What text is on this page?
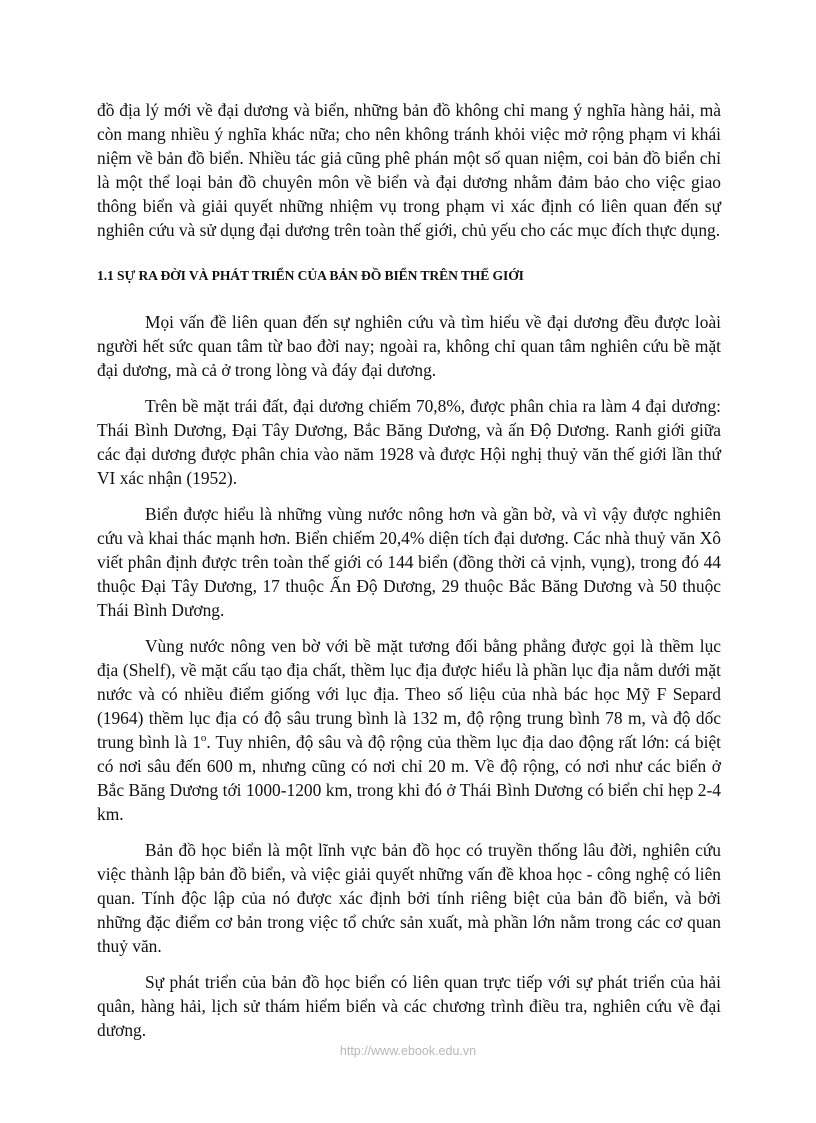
đồ địa lý mới về đại dương và biển, những bản đồ không chỉ mang ý nghĩa hàng hải, mà còn mang nhiều ý nghĩa khác nữa; cho nên không tránh khỏi việc mở rộng phạm vi khái niệm về bản đồ biển. Nhiều tác giả cũng phê phán một số quan niệm, coi bản đồ biển chỉ là một thể loại bản đồ chuyên môn về biển và đại dương nhằm đảm bảo cho việc giao thông biển và giải quyết những nhiệm vụ trong phạm vi xác định có liên quan đến sự nghiên cứu và sử dụng đại dương trên toàn thế giới, chủ yếu cho các mục đích thực dụng.

1.1 SỰ RA ĐỜI VÀ PHÁT TRIỂN CỦA BẢN ĐỒ BIỂN TRÊN THẾ GIỚI

Mọi vấn đề liên quan đến sự nghiên cứu và tìm hiểu về đại dương đều được loài người hết sức quan tâm từ bao đời nay; ngoài ra, không chỉ quan tâm nghiên cứu bề mặt đại dương, mà cả ở trong lòng và đáy đại dương.

Trên bề mặt trái đất, đại dương chiếm 70,8%, được phân chia ra làm 4 đại dương: Thái Bình Dương, Đại Tây Dương, Bắc Băng Dương, và ấn Độ Dương. Ranh giới giữa các đại dương được phân chia vào năm 1928 và được Hội nghị thuỷ văn thế giới lần thứ VI xác nhận (1952).

Biển được hiểu là những vùng nước nông hơn và gần bờ, và vì vậy được nghiên cứu và khai thác mạnh hơn. Biển chiếm 20,4% diện tích đại dương. Các nhà thuỷ văn Xô viết phân định được trên toàn thế giới có 144 biển (đồng thời cả vịnh, vụng), trong đó 44 thuộc Đại Tây Dương, 17 thuộc Ấn Độ Dương, 29 thuộc Bắc Băng Dương và 50 thuộc Thái Bình Dương.

Vùng nước nông ven bờ với bề mặt tương đối bằng phẳng được gọi là thềm lục địa (Shelf), về mặt cấu tạo địa chất, thềm lục địa được hiểu là phần lục địa nằm dưới mặt nước và có nhiều điểm giống với lục địa. Theo số liệu của nhà bác học Mỹ F Separd (1964) thềm lục địa có độ sâu trung bình là 132 m, độ rộng trung bình 78 m, và độ dốc trung bình là 1$^o$. Tuy nhiên, độ sâu và độ rộng của thềm lục địa dao động rất lớn: cá biệt có nơi sâu đến 600 m, nhưng cũng có nơi chỉ 20 m. Về độ rộng, có nơi như các biển ở Bắc Băng Dương tới 1000-1200 km, trong khi đó ở Thái Bình Dương có biển chỉ hẹp 2-4 km.

Bản đồ học biển là một lĩnh vực bản đồ học có truyền thống lâu đời, nghiên cứu việc thành lập bản đồ biển, và việc giải quyết những vấn đề khoa học - công nghệ có liên quan. Tính độc lập của nó được xác định bởi tính riêng biệt của bản đồ biển, và bởi những đặc điểm cơ bản trong việc tổ chức sản xuất, mà phần lớn nằm trong các cơ quan thuỷ văn.

Sự phát triển của bản đồ học biển có liên quan trực tiếp với sự phát triển của hải quân, hàng hải, lịch sử thám hiểm biển và các chương trình điều tra, nghiên cứu về đại dương.

http://www.ebook.edu.vn
